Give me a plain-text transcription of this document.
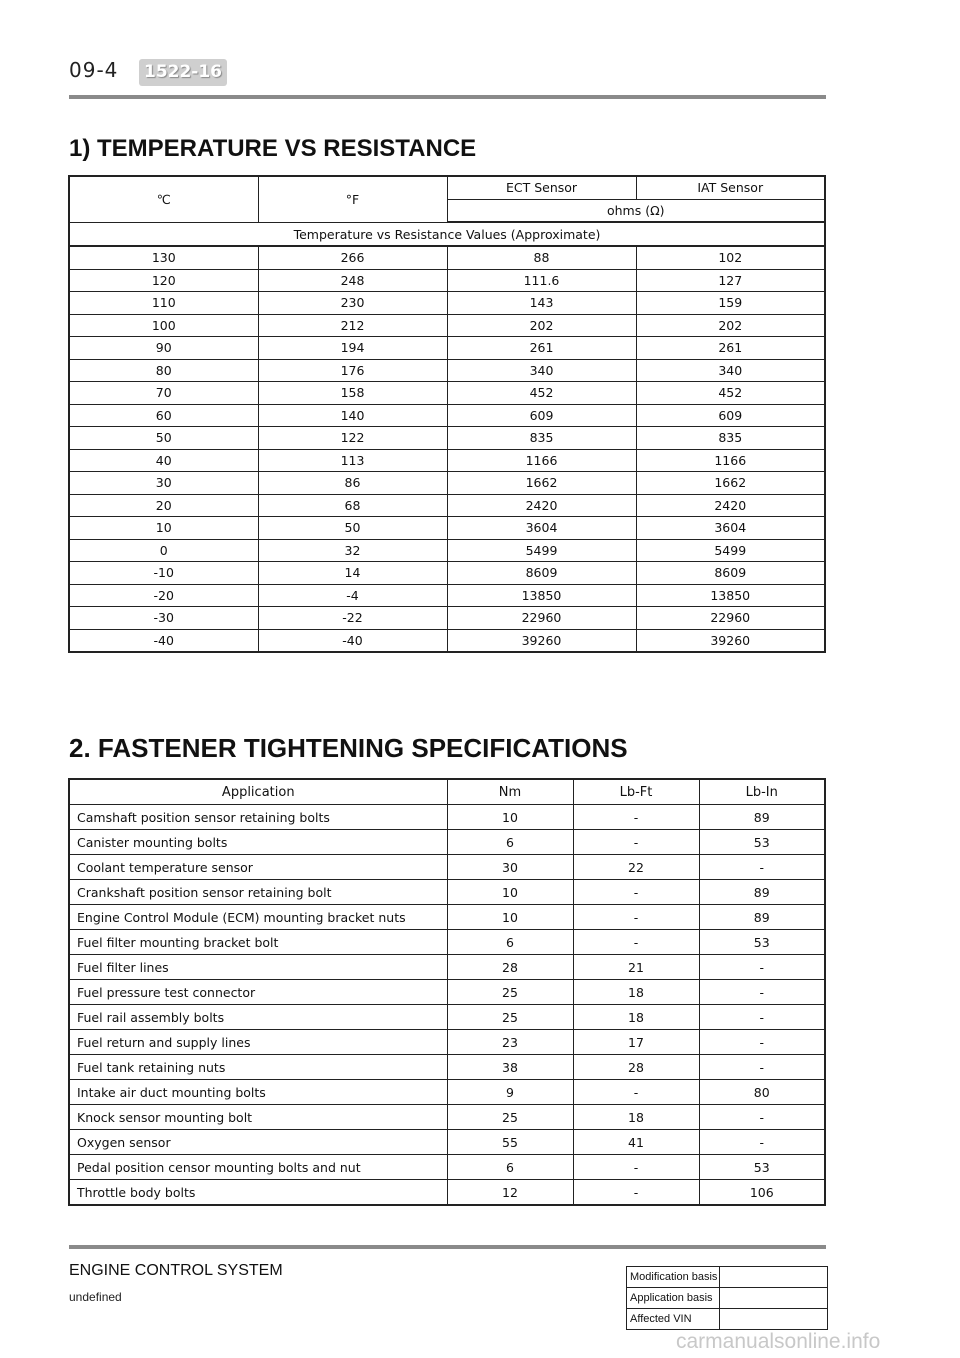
09-4 1522-16
1) TEMPERATURE VS RESISTANCE
℃	°F	ECT Sensor	IAT Sensor
		ohms (Ω)	
Temperature vs Resistance Values (Approximate)			
130	266	88	102
120	248	111.6	127
110	230	143	159
100	212	202	202
90	194	261	261
80	176	340	340
70	158	452	452
60	140	609	609
50	122	835	835
40	113	1166	1166
30	86	1662	1662
20	68	2420	2420
10	50	3604	3604
0	32	5499	5499
-10	14	8609	8609
-20	-4	13850	13850
-30	-22	22960	22960
-40	-40	39260	39260
2. FASTENER TIGHTENING SPECIFICATIONS
Application	Nm	Lb-Ft	Lb-In
Camshaft position sensor retaining bolts	10	-	89
Canister mounting bolts	6	-	53
Coolant temperature sensor	30	22	-
Crankshaft position sensor retaining bolt	10	-	89
Engine Control Module (ECM) mounting bracket nuts	10	-	89
Fuel filter mounting bracket bolt	6	-	53
Fuel filter lines	28	21	-
Fuel pressure test connector	25	18	-
Fuel rail assembly bolts	25	18	-
Fuel return and supply lines	23	17	-
Fuel tank retaining nuts	38	28	-
Intake air duct mounting bolts	9	-	80
Knock sensor mounting bolt	25	18	-
Oxygen sensor	55	41	-
Pedal position censor mounting bolts and nut	6	-	53
Throttle body bolts	12	-	106
ENGINE CONTROL SYSTEM
undefined
Modification basis
Application basis
Affected VIN
carmanualsonline.info
